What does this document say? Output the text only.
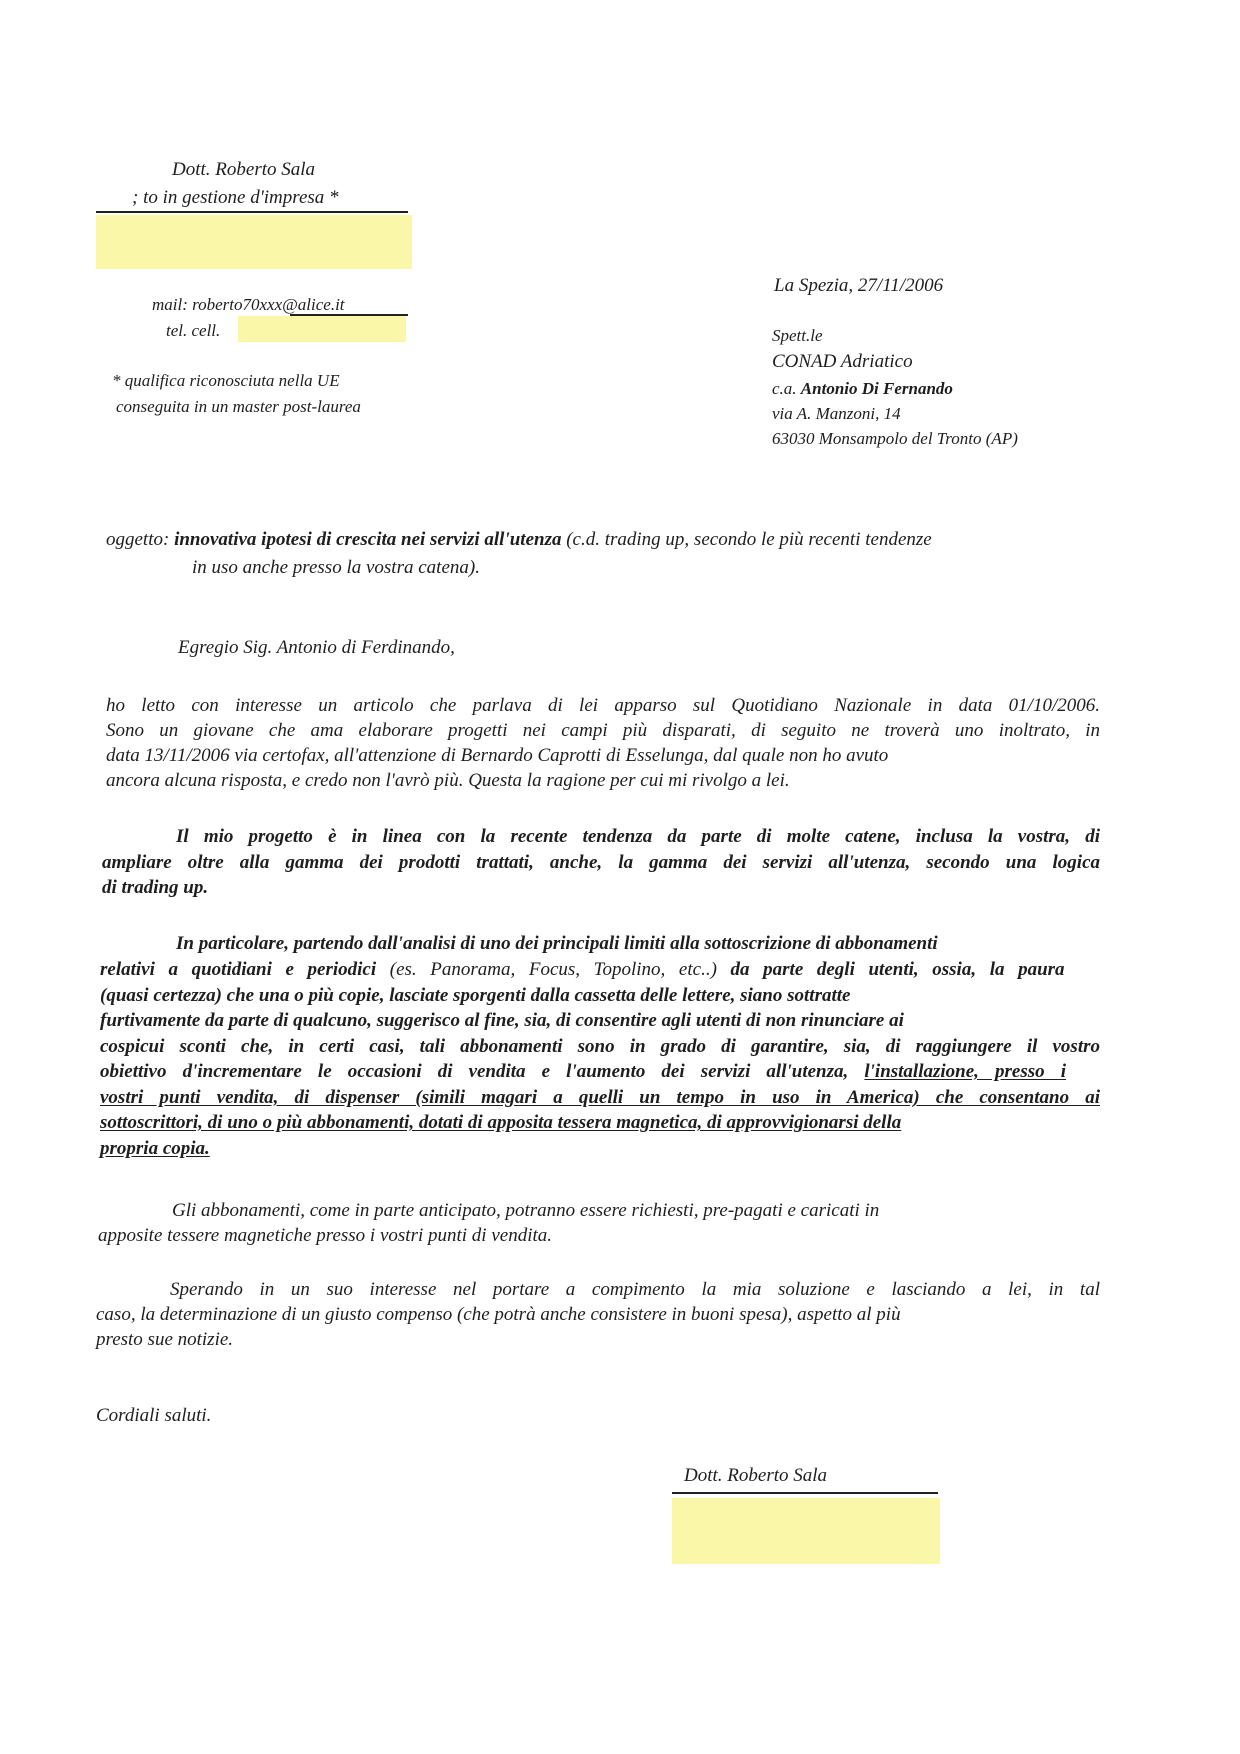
Dott. Roberto Sala
; to in gestione d'impresa *
mail: roberto70xxx@alice.it
tel. cell.
* qualifica riconosciuta nella UE
conseguita in un master post-laurea
La Spezia, 27/11/2006
Spett.le
CONAD Adriatico
c.a. Antonio Di Fernando
via A. Manzoni, 14
63030 Monsampolo del Tronto (AP)
oggetto: innovativa ipotesi di crescita nei servizi all'utenza (c.d. trading up, secondo le più recenti tendenze
in uso anche presso la vostra catena).
Egregio Sig. Antonio di Ferdinando,
ho letto con interesse un articolo che parlava di lei apparso sul Quotidiano Nazionale in data 01/10/2006.
Sono un giovane che ama elaborare progetti nei campi più disparati, di seguito ne troverà uno inoltrato, in
data 13/11/2006 via certofax, all'attenzione di Bernardo Caprotti di Esselunga, dal quale non ho avuto
ancora alcuna risposta, e credo non l'avrò più. Questa la ragione per cui mi rivolgo a lei.
Il mio progetto è in linea con la recente tendenza da parte di molte catene, inclusa la vostra, di
ampliare oltre alla gamma dei prodotti trattati, anche, la gamma dei servizi all'utenza, secondo una logica
di trading up.
In particolare, partendo dall'analisi di uno dei principali limiti alla sottoscrizione di abbonamenti
relativi a quotidiani e periodici (es. Panorama, Focus, Topolino, etc..) da parte degli utenti, ossia, la paura
(quasi certezza) che una o più copie, lasciate sporgenti dalla cassetta delle lettere, siano sottratte
furtivamente da parte di qualcuno, suggerisco al fine, sia, di consentire agli utenti di non rinunciare ai
cospicui sconti che, in certi casi, tali abbonamenti sono in grado di garantire, sia, di raggiungere il vostro
obiettivo d'incrementare le occasioni di vendita e l'aumento dei servizi all'utenza, l'installazione, presso i
vostri punti vendita, di dispenser (simili magari a quelli un tempo in uso in America) che consentano ai
sottoscrittori, di uno o più abbonamenti, dotati di apposita tessera magnetica, di approvvigionarsi della
propria copia.
Gli abbonamenti, come in parte anticipato, potranno essere richiesti, pre-pagati e caricati in
apposite tessere magnetiche presso i vostri punti di vendita.
Sperando in un suo interesse nel portare a compimento la mia soluzione e lasciando a lei, in tal
caso, la determinazione di un giusto compenso (che potrà anche consistere in buoni spesa), aspetto al più
presto sue notizie.
Cordiali saluti.
Dott. Roberto Sala
